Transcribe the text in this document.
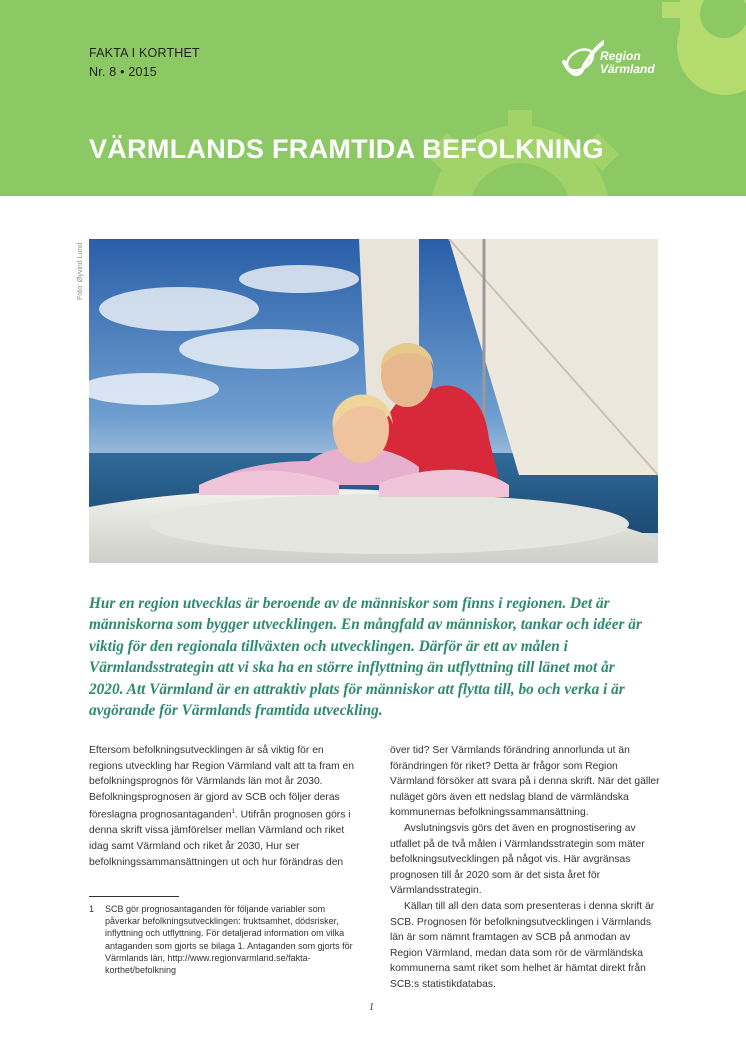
FAKTA I KORTHET
Nr. 8 • 2015
Region
Värmland
VÄRMLANDS FRAMTIDA BEFOLKNING
Foto: Øyvind Lund
Hur en region utvecklas är beroende av de människor som finns i regionen. Det är människorna som bygger utvecklingen. En mångfald av människor, tankar och idéer är viktig för den regionala tillväxten och utvecklingen. Därför är ett av målen i Värmlandsstrategin att vi ska ha en större inflyttning än utflyttning till länet mot år 2020. Att Värmland är en attraktiv plats för människor att flytta till, bo och verka i är avgörande för Värmlands framtida utveckling.

Eftersom befolkningsutvecklingen är så viktig för en regions utveckling har Region Värmland valt att ta fram en befolkningsprognos för Värmlands län mot år 2030. Befolkningsprognosen är gjord av SCB och följer deras föreslagna prognosantaganden$^1$. Utifrån prognosen görs i denna skrift vissa jämförelser mellan Värmland och riket idag samt Värmland och riket år 2030, Hur ser befolkningssammansättningen ut och hur förändras den

över tid? Ser Värmlands förändring annorlunda ut än förändringen för riket? Detta är frågor som Region Värmland försöker att svara på i denna skrift. När det gäller nuläget görs även ett nedslag bland de värmländska kommunernas befolkningssammansättning.

Avslutningsvis görs det även en prognostisering av utfallet på de två målen i Värmlandsstrategin som mäter befolkningsutvecklingen på något vis. Här avgränsas prognosen till år 2020 som är det sista året för Värmlandsstrategin.

Källan till all den data som presenteras i denna skrift är SCB. Prognosen för befolkningsutvecklingen i Värmlands län är som nämnt framtagen av SCB på anmodan av Region Värmland, medan data som rör de värmländska kommunerna samt riket som helhet är hämtat direkt från SCB:s statistikdatabas.

1 SCB gör prognosantaganden för följande variabler som påverkar befolkningsutvecklingen: fruktsamhet, dödsrisker, inflyttning och utflyttning. För detaljerad information om vilka antaganden som gjorts se bilaga 1. Antaganden som gjorts för Värmlands län, http://www.regionvarmland.se/fakta-korthet/befolkning
1
